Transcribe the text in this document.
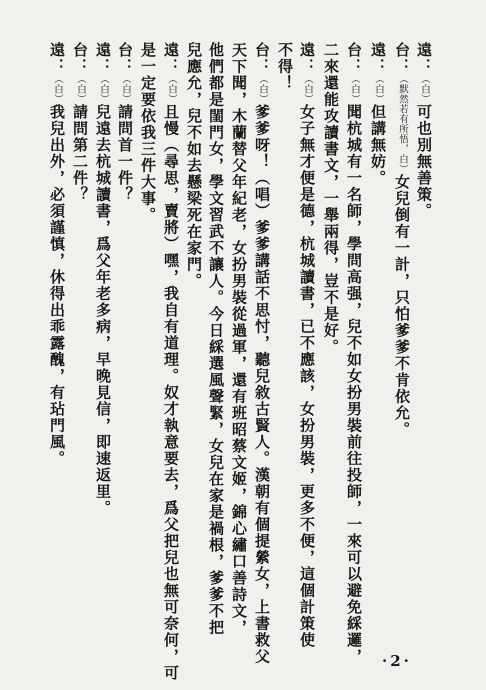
遠：（白）可也別無善策。
台：（默然若有所悟，白）女兒倒有一計，只怕爹爹不肯依允。
遠：（白）但講無妨。
台：（白）聞杭城有一名師，學問高强，兒不如女扮男裝前往投師，一來可以避免綵邏，
二來還能攻讀書文，一舉兩得，豈不是好。
遠：（白）女子無才便是德，杭城讀書，已不應該，女扮男裝，更多不便，這個計策使
不得！
台：（白）爹爹呀！（唱）爹爹講話不思忖，聽兒敘古賢人。漢朝有個提縈女，上書救父
天下聞，木蘭替父年紀老，女扮男裝從過軍，還有班昭蔡文姬，錦心繡口善詩文，
他們都是閨門女，學文習武不讓人。今日綵選風聲緊，女兒在家是禍根，爹爹不把
兒應允，兒不如去懸梁死在家門。
遠：（白）且慢（尋思，賣將）嘿，我自有道理。奴才執意要去，爲父把兒也無可奈何，可
是一定要依我三件大事。
台：（白）請問首一件？
遠：（白）兒遠去杭城讀書，爲父年老多病，早晚見信，即速返里。
台：（白）請問第二件？
遠：（白）我兒出外，必須謹慎，休得出乖露醜，有玷門風。
·2·
